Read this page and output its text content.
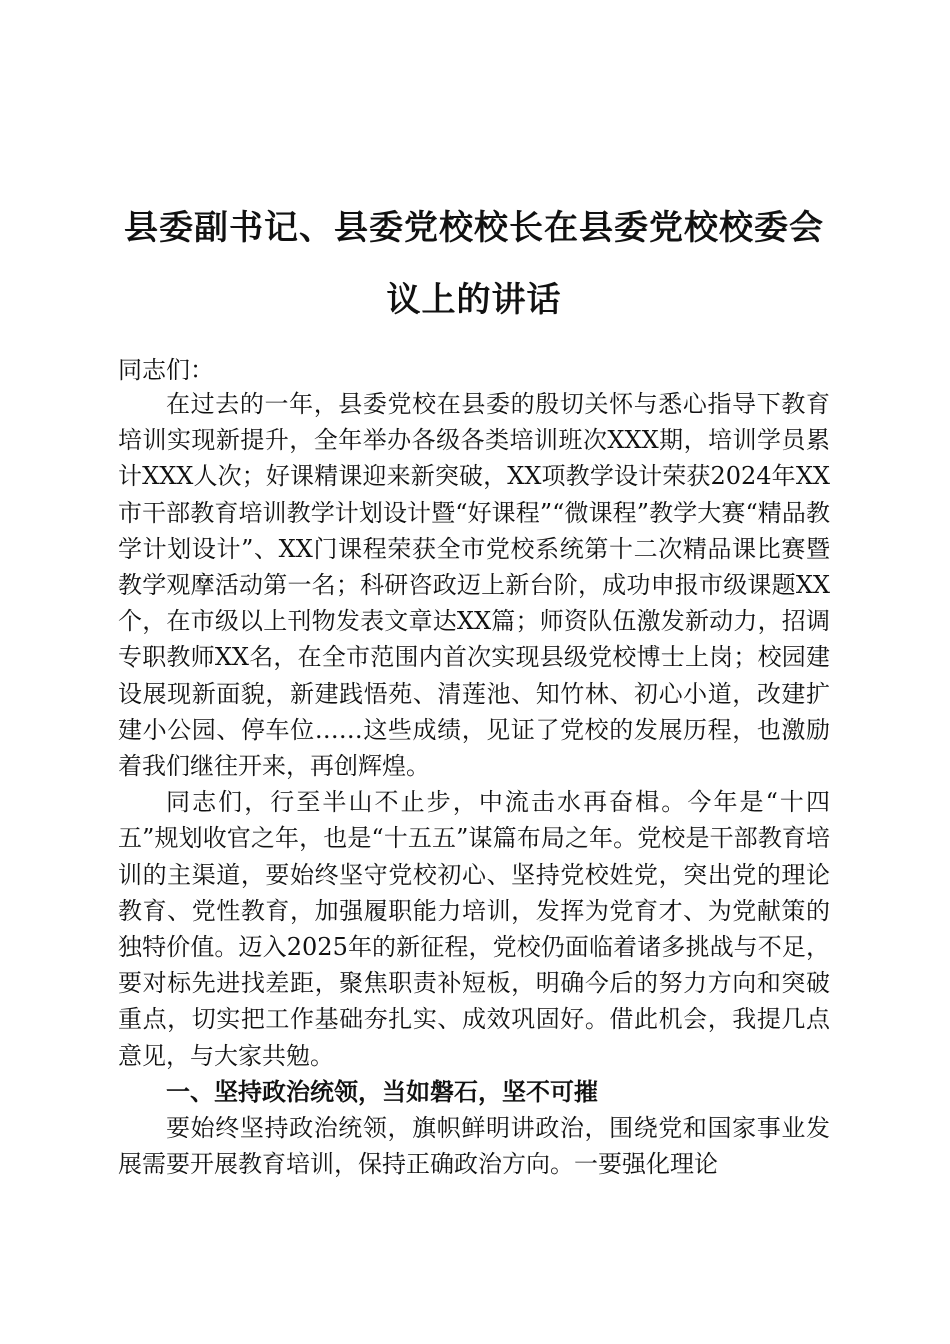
县委副书记、县委党校校长在县委党校校委会
议上的讲话

同志们：

在过去的一年，县委党校在县委的殷切关怀与悉心指导下教育培训实现新提升，全年举办各级各类培训班次XXX期，培训学员累计XXX人次；好课精课迎来新突破，XX项教学设计荣获2024年XX市干部教育培训教学计划设计暨“好课程”“微课程”教学大赛“精品教学计划设计”、XX门课程荣获全市党校系统第十二次精品课比赛暨教学观摩活动第一名；科研咨政迈上新台阶，成功申报市级课题XX个，在市级以上刊物发表文章达XX篇；师资队伍激发新动力，招调专职教师XX名，在全市范围内首次实现县级党校博士上岗；校园建设展现新面貌，新建践悟苑、清莲池、知竹林、初心小道，改建扩建小公园、停车位……这些成绩，见证了党校的发展历程，也激励着我们继往开来，再创辉煌。

同志们，行至半山不止步，中流击水再奋楫。今年是“十四五”规划收官之年，也是“十五五”谋篇布局之年。党校是干部教育培训的主渠道，要始终坚守党校初心、坚持党校姓党，突出党的理论教育、党性教育，加强履职能力培训，发挥为党育才、为党献策的独特价值。迈入2025年的新征程，党校仍面临着诸多挑战与不足，要对标先进找差距，聚焦职责补短板，明确今后的努力方向和突破重点，切实把工作基础夯扎实、成效巩固好。借此机会，我提几点意见，与大家共勉。

一、坚持政治统领，当如磐石，坚不可摧

要始终坚持政治统领，旗帜鲜明讲政治，围绕党和国家事业发展需要开展教育培训，保持正确政治方向。一要强化理论
